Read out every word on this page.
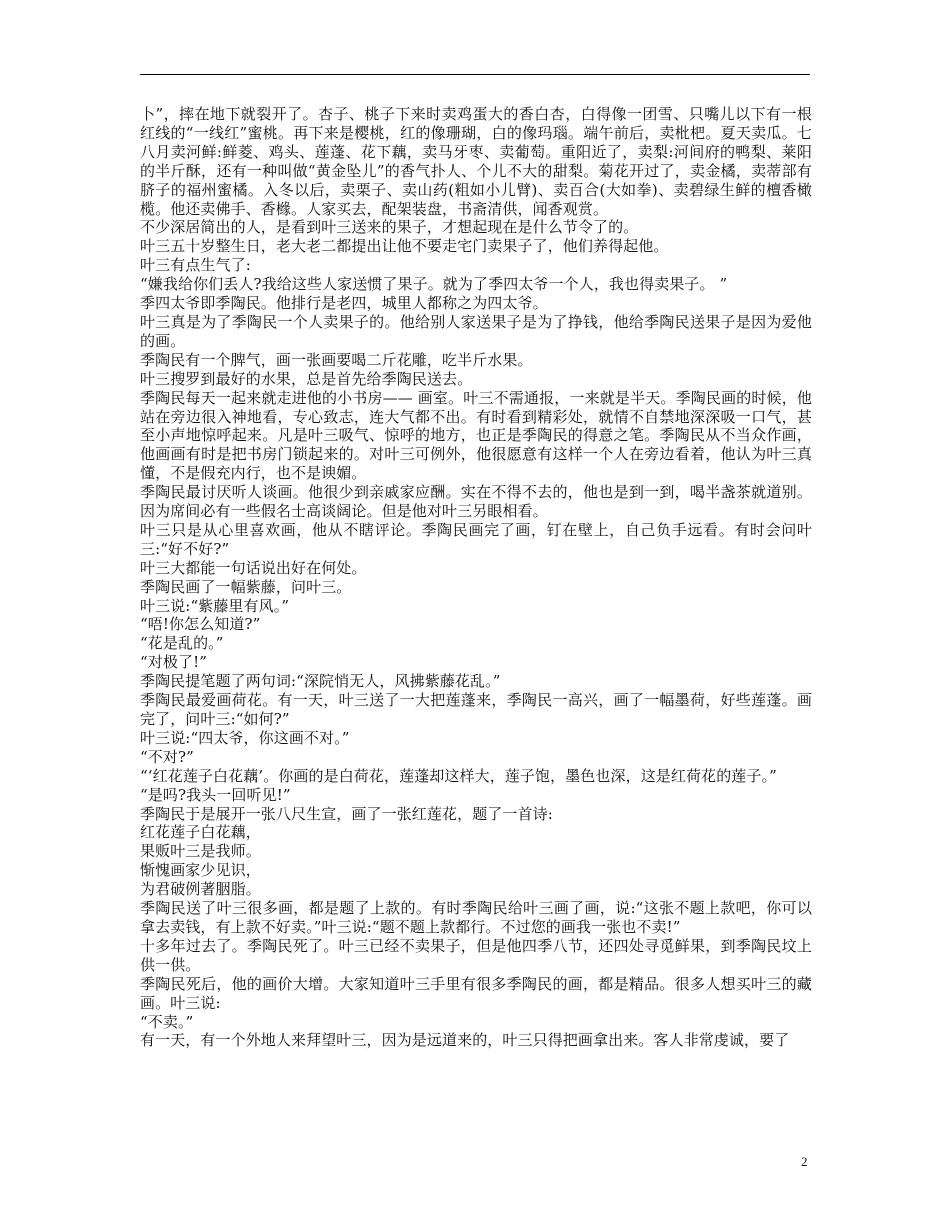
卜”，摔在地下就裂开了。杏子、桃子下来时卖鸡蛋大的香白杏，白得像一团雪、只嘴儿以下有一根红线的“一线红”蜜桃。再下来是樱桃，红的像珊瑚，白的像玛瑙。端午前后，卖枇杷。夏天卖瓜。七八月卖河鲜:鲜菱、鸡头、莲蓬、花下藕，卖马牙枣、卖葡萄。重阳近了，卖梨:河间府的鸭梨、莱阳的半斤酥，还有一种叫做“黄金坠儿”的香气扑人、个儿不大的甜梨。菊花开过了，卖金橘，卖蒂部有脐子的福州蜜橘。入冬以后，卖栗子、卖山药(粗如小儿臂)、卖百合(大如拳)、卖碧绿生鲜的檀香橄榄。他还卖佛手、香橼。人家买去，配架装盘，书斋清供，闻香观赏。

不少深居简出的人，是看到叶三送来的果子，才想起现在是什么节令了的。

叶三五十岁整生日，老大老二都提出让他不要走宅门卖果子了，他们养得起他。

叶三有点生气了:

“嫌我给你们丢人?我给这些人家送惯了果子。就为了季四太爷一个人，我也得卖果子。 ”

季四太爷即季陶民。他排行是老四，城里人都称之为四太爷。

叶三真是为了季陶民一个人卖果子的。他给别人家送果子是为了挣钱，他给季陶民送果子是因为爱他的画。

季陶民有一个脾气，画一张画要喝二斤花雕，吃半斤水果。

叶三搜罗到最好的水果，总是首先给季陶民送去。

季陶民每天一起来就走进他的小书房—— 画室。叶三不需通报，一来就是半天。季陶民画的时候，他站在旁边很入神地看，专心致志，连大气都不出。有时看到精彩处，就情不自禁地深深吸一口气，甚至小声地惊呼起来。凡是叶三吸气、惊呼的地方，也正是季陶民的得意之笔。季陶民从不当众作画，他画画有时是把书房门锁起来的。对叶三可例外，他很愿意有这样一个人在旁边看着，他认为叶三真懂，不是假充内行，也不是谀媚。

季陶民最讨厌听人谈画。他很少到亲戚家应酬。实在不得不去的，他也是到一到，喝半盏茶就道别。因为席间必有一些假名士高谈阔论。但是他对叶三另眼相看。

叶三只是从心里喜欢画，他从不瞎评论。季陶民画完了画，钉在壁上，自己负手远看。有时会问叶三:“好不好?”

叶三大都能一句话说出好在何处。

季陶民画了一幅紫藤，问叶三。

叶三说:“紫藤里有风。”

“唔!你怎么知道?”

“花是乱的。”

“对极了!”

季陶民提笔题了两句词:“深院悄无人，风拂紫藤花乱。”

季陶民最爱画荷花。有一天，叶三送了一大把莲蓬来，季陶民一高兴，画了一幅墨荷，好些莲蓬。画完了，问叶三:“如何?”

叶三说:“四太爷，你这画不对。”

“不对?”

“‘红花莲子白花藕’。你画的是白荷花，莲蓬却这样大，莲子饱，墨色也深，这是红荷花的莲子。”

“是吗?我头一回听见!”

季陶民于是展开一张八尺生宣，画了一张红莲花，题了一首诗:

红花莲子白花藕，

果贩叶三是我师。

惭愧画家少见识，

为君破例著胭脂。

季陶民送了叶三很多画，都是题了上款的。有时季陶民给叶三画了画，说:“这张不题上款吧，你可以拿去卖钱，有上款不好卖。”叶三说:“题不题上款都行。不过您的画我一张也不卖!”

十多年过去了。季陶民死了。叶三已经不卖果子，但是他四季八节，还四处寻觅鲜果，到季陶民坟上供一供。

季陶民死后，他的画价大增。大家知道叶三手里有很多季陶民的画，都是精品。很多人想买叶三的藏画。叶三说:

“不卖。”

有一天，有一个外地人来拜望叶三，因为是远道来的，叶三只得把画拿出来。客人非常虔诚，要了

2
